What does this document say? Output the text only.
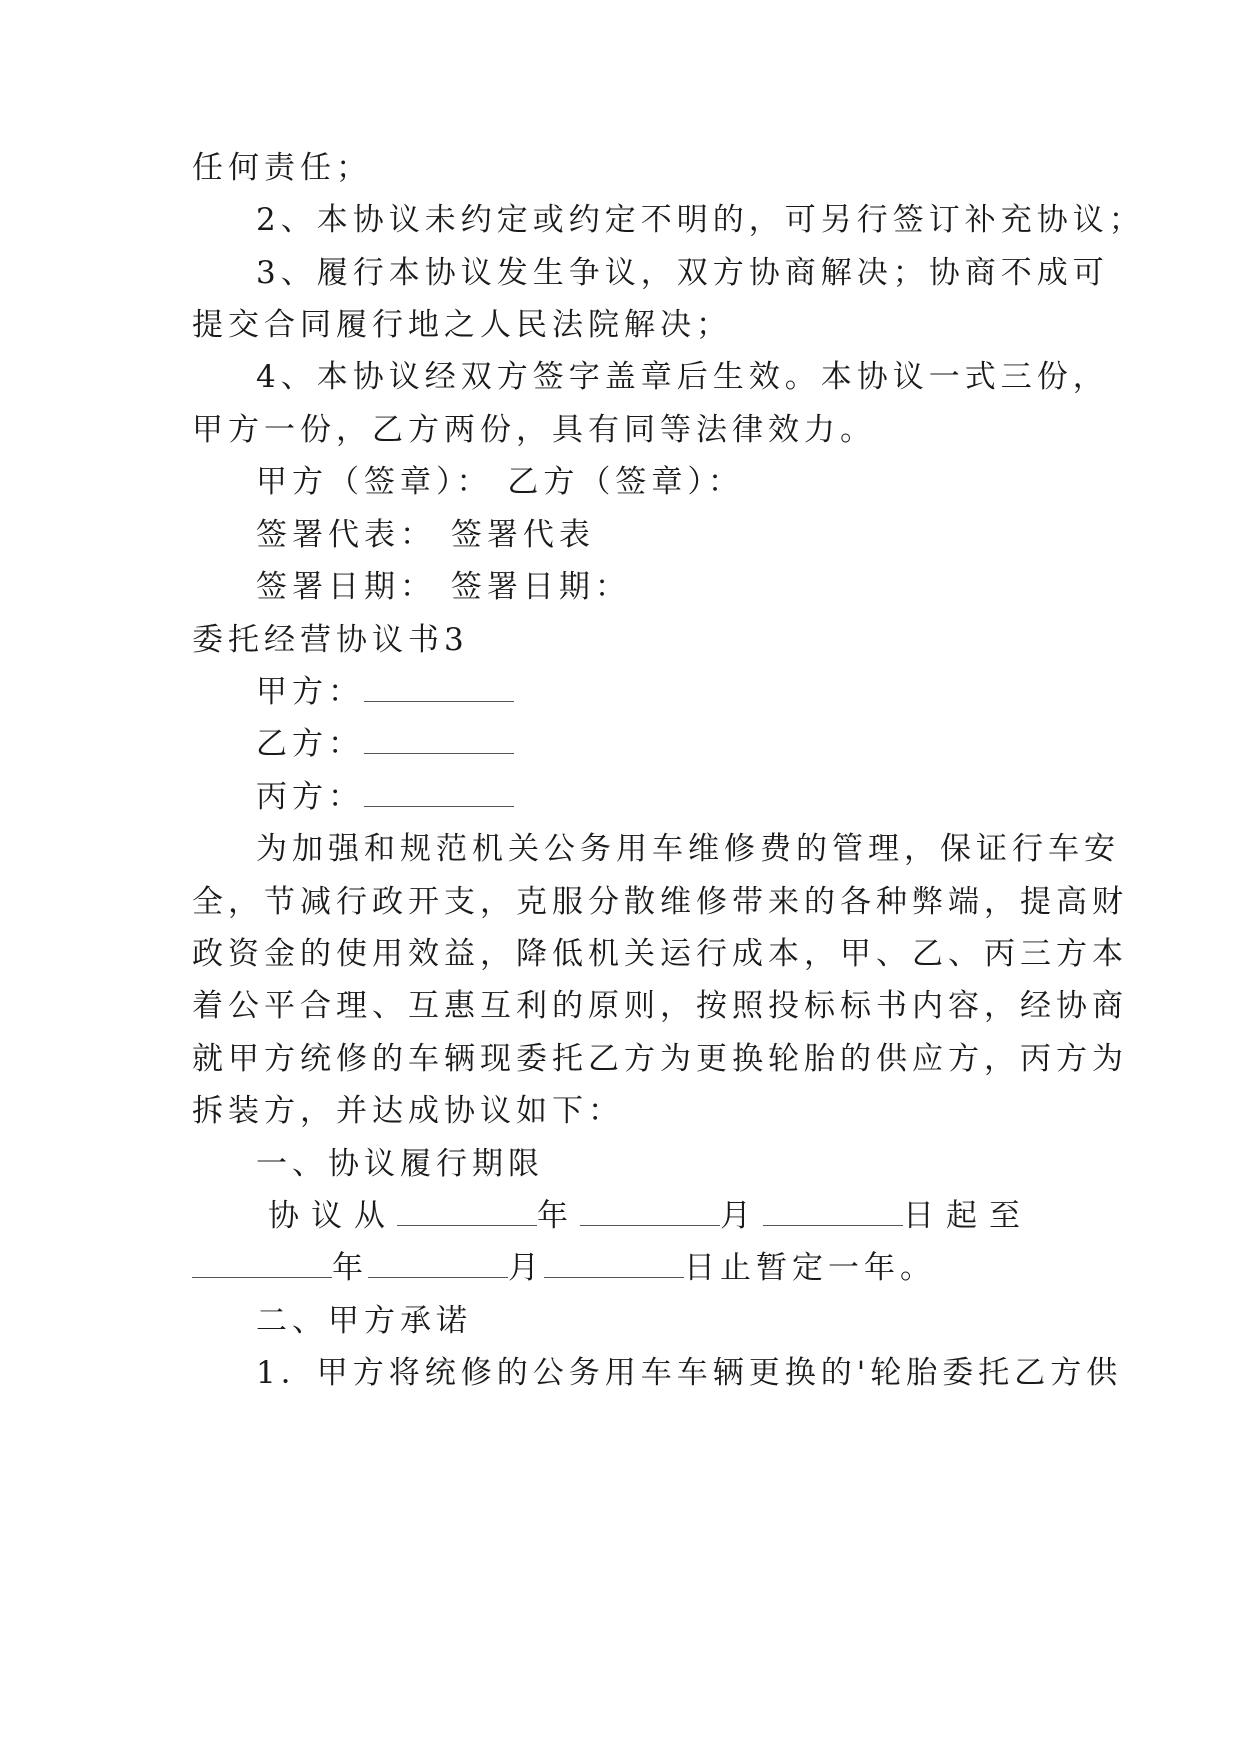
任何责任；
2、本协议未约定或约定不明的，可另行签订补充协议；
3、履行本协议发生争议，双方协商解决；协商不成可
提交合同履行地之人民法院解决；
4、本协议经双方签字盖章后生效。本协议一式三份，
甲方一份，乙方两份，具有同等法律效力。
甲方（签章）： 乙方（签章）：
签署代表： 签署代表
签署日期： 签署日期：
委托经营协议书3
甲方：
乙方：
丙方：
为加强和规范机关公务用车维修费的管理，保证行车安
全，节减行政开支，克服分散维修带来的各种弊端，提高财
政资金的使用效益，降低机关运行成本，甲、乙、丙三方本
着公平合理、互惠互利的原则，按照投标标书内容，经协商
就甲方统修的车辆现委托乙方为更换轮胎的供应方，丙方为
拆装方，并达成协议如下：
一、协议履行期限
协议从	年	月	日起至
年	月	日止暂定一年。
二、甲方承诺
1．甲方将统修的公务用车车辆更换的'轮胎委托乙方供
